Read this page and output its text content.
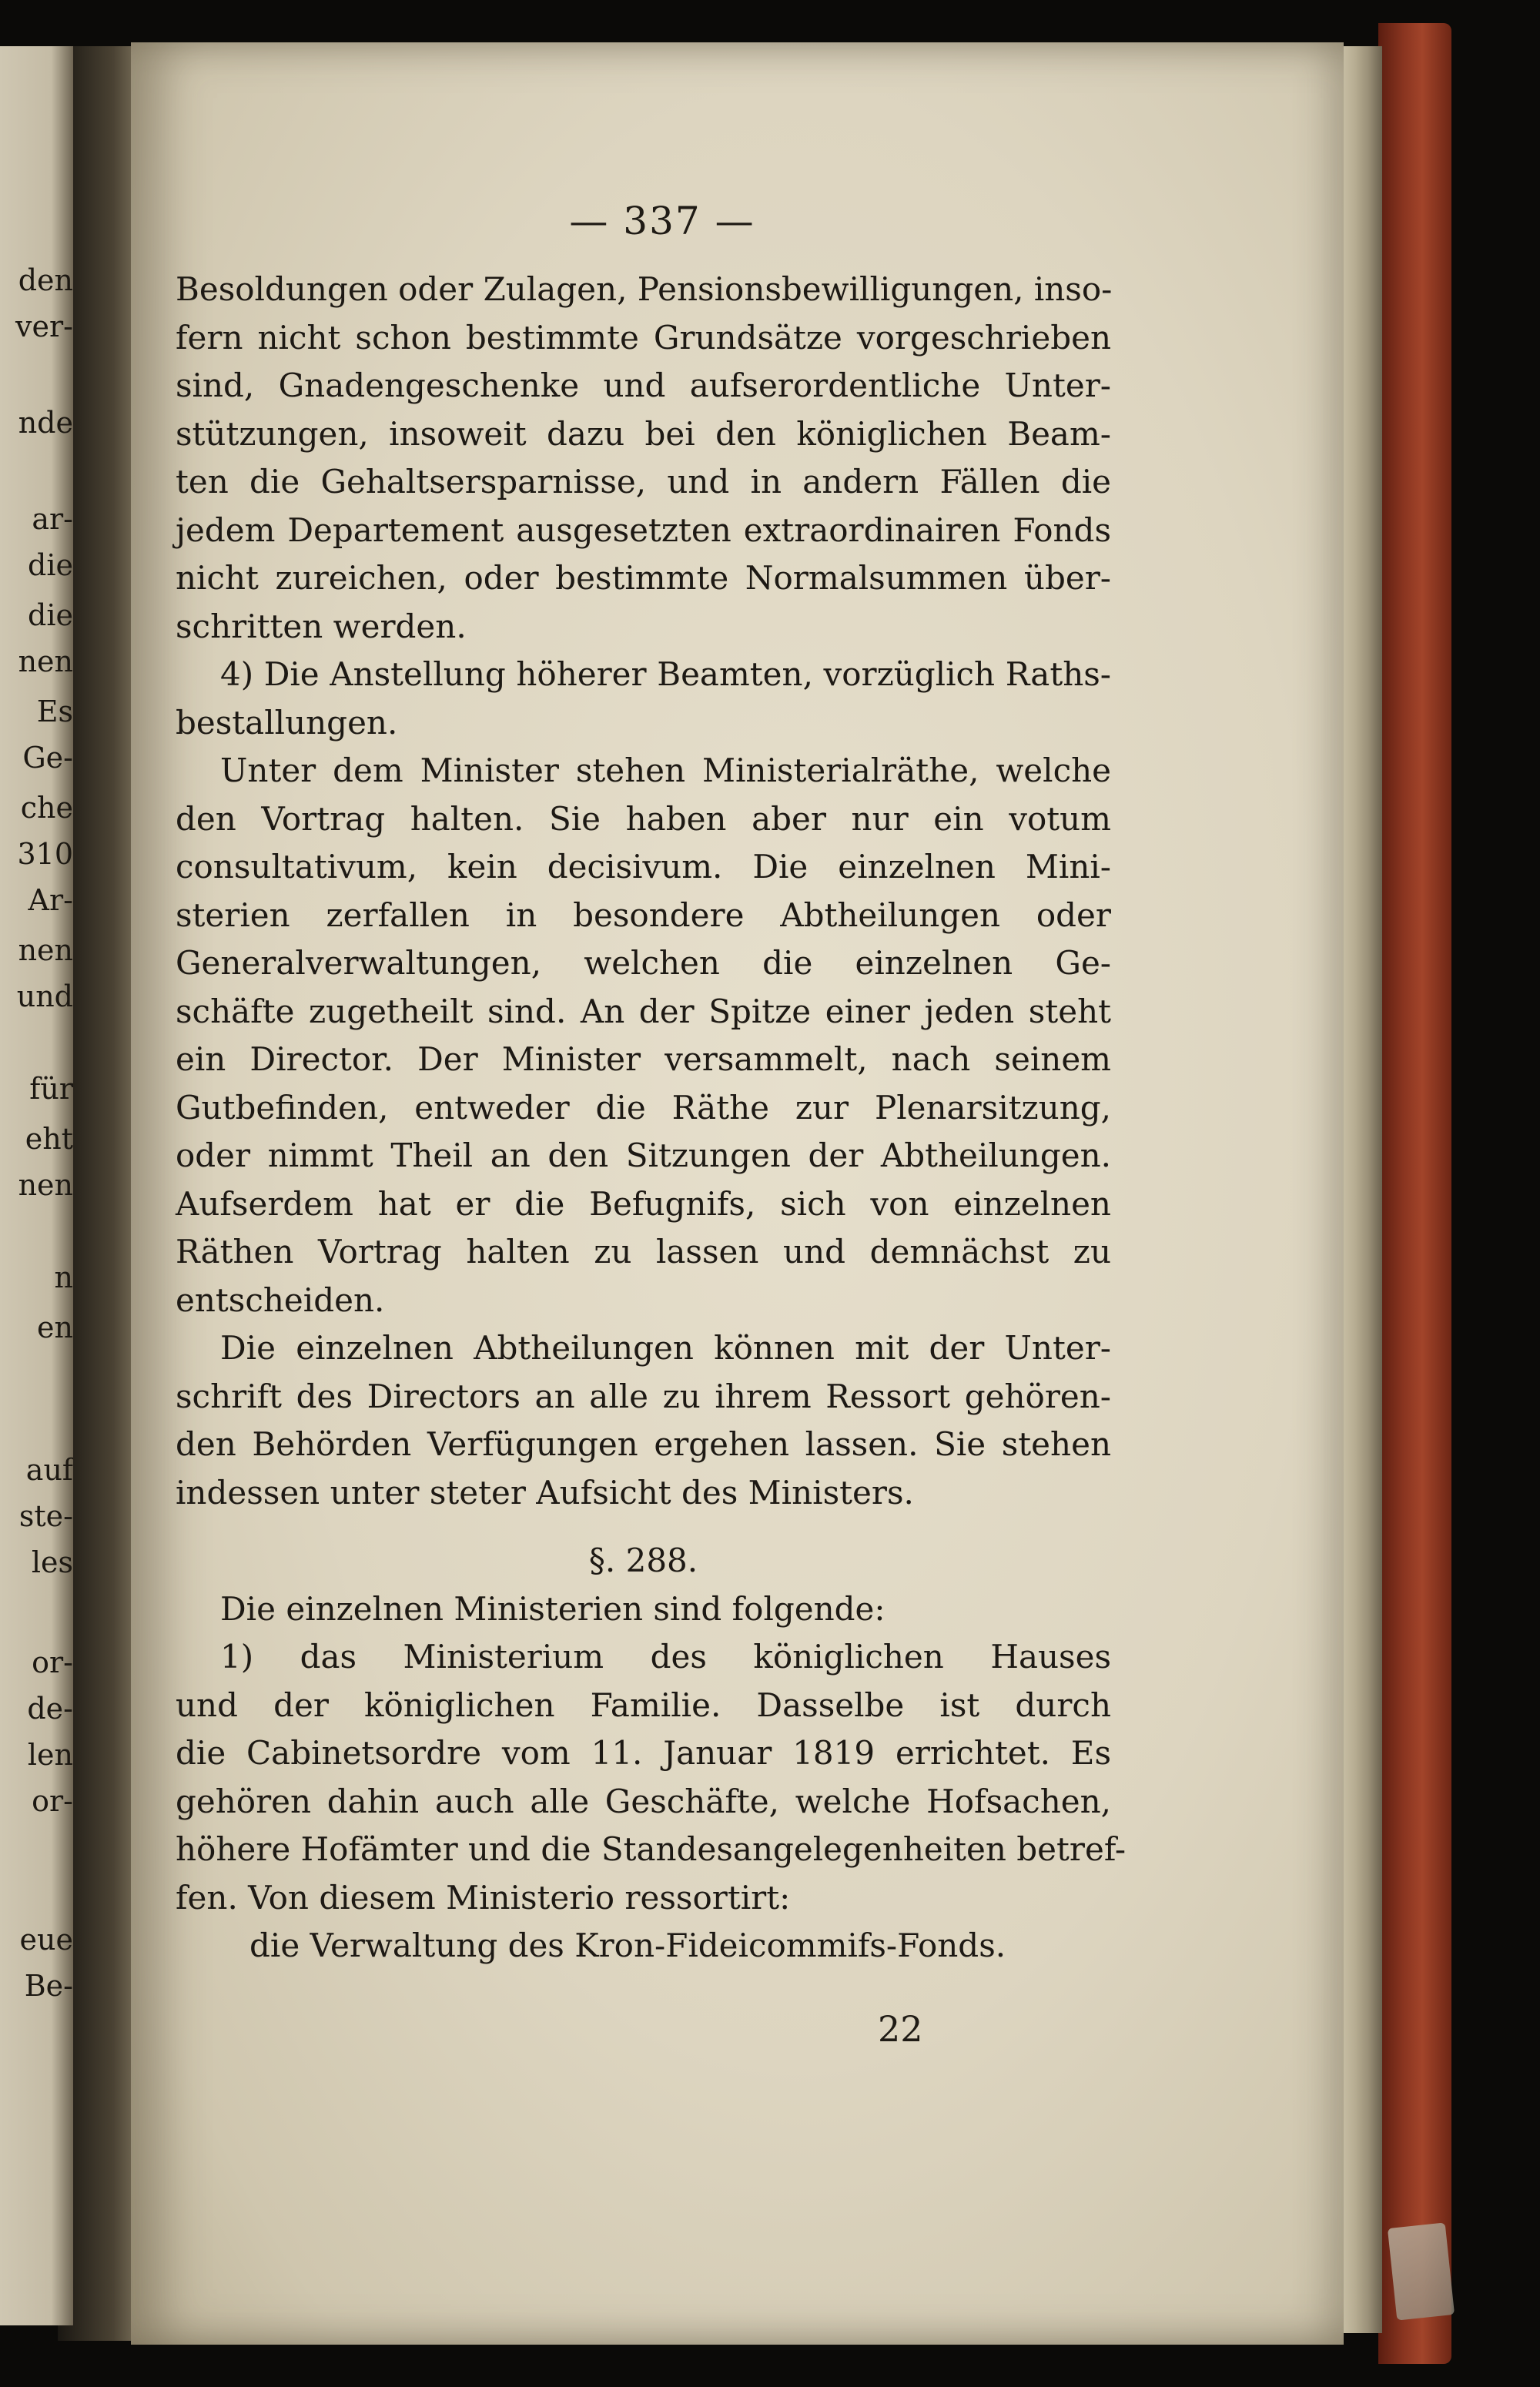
den
ver-
nde
ar-
die
die
nen
Es
Ge-
che
310
Ar-
nen
und
für
eht
nen
n
en
auf
ste-
les
or-
de-
len
or-
eue
Be-
— 337 —
Besoldungen oder Zulagen, Pensionsbewilligungen, inso-
fern nicht schon bestimmte Grundsätze vorgeschrieben
sind, Gnadengeschenke und aufserordentliche Unter-
stützungen, insoweit dazu bei den königlichen Beam-
ten die Gehaltsersparnisse, und in andern Fällen die
jedem Departement ausgesetzten extraordinairen Fonds
nicht zureichen, oder bestimmte Normalsummen über-
schritten werden.
4) Die Anstellung höherer Beamten, vorzüglich Raths-
bestallungen.
Unter dem Minister stehen Ministerialräthe, welche
den Vortrag halten. Sie haben aber nur ein votum
consultativum, kein decisivum. Die einzelnen Mini-
sterien zerfallen in besondere Abtheilungen oder
Generalverwaltungen, welchen die einzelnen Ge-
schäfte zugetheilt sind. An der Spitze einer jeden steht
ein Director. Der Minister versammelt, nach seinem
Gutbefinden, entweder die Räthe zur Plenarsitzung,
oder nimmt Theil an den Sitzungen der Abtheilungen.
Aufserdem hat er die Befugnifs, sich von einzelnen
Räthen Vortrag halten zu lassen und demnächst zu
entscheiden.
Die einzelnen Abtheilungen können mit der Unter-
schrift des Directors an alle zu ihrem Ressort gehören-
den Behörden Verfügungen ergehen lassen. Sie stehen
indessen unter steter Aufsicht des Ministers.
§. 288.
Die einzelnen Ministerien sind folgende:
1) das Ministerium des königlichen Hauses
und der königlichen Familie. Dasselbe ist durch
die Cabinetsordre vom 11. Januar 1819 errichtet. Es
gehören dahin auch alle Geschäfte, welche Hofsachen,
höhere Hofämter und die Standesangelegenheiten betref-
fen. Von diesem Ministerio ressortirt:
die Verwaltung des Kron-Fideicommifs-Fonds.
22
